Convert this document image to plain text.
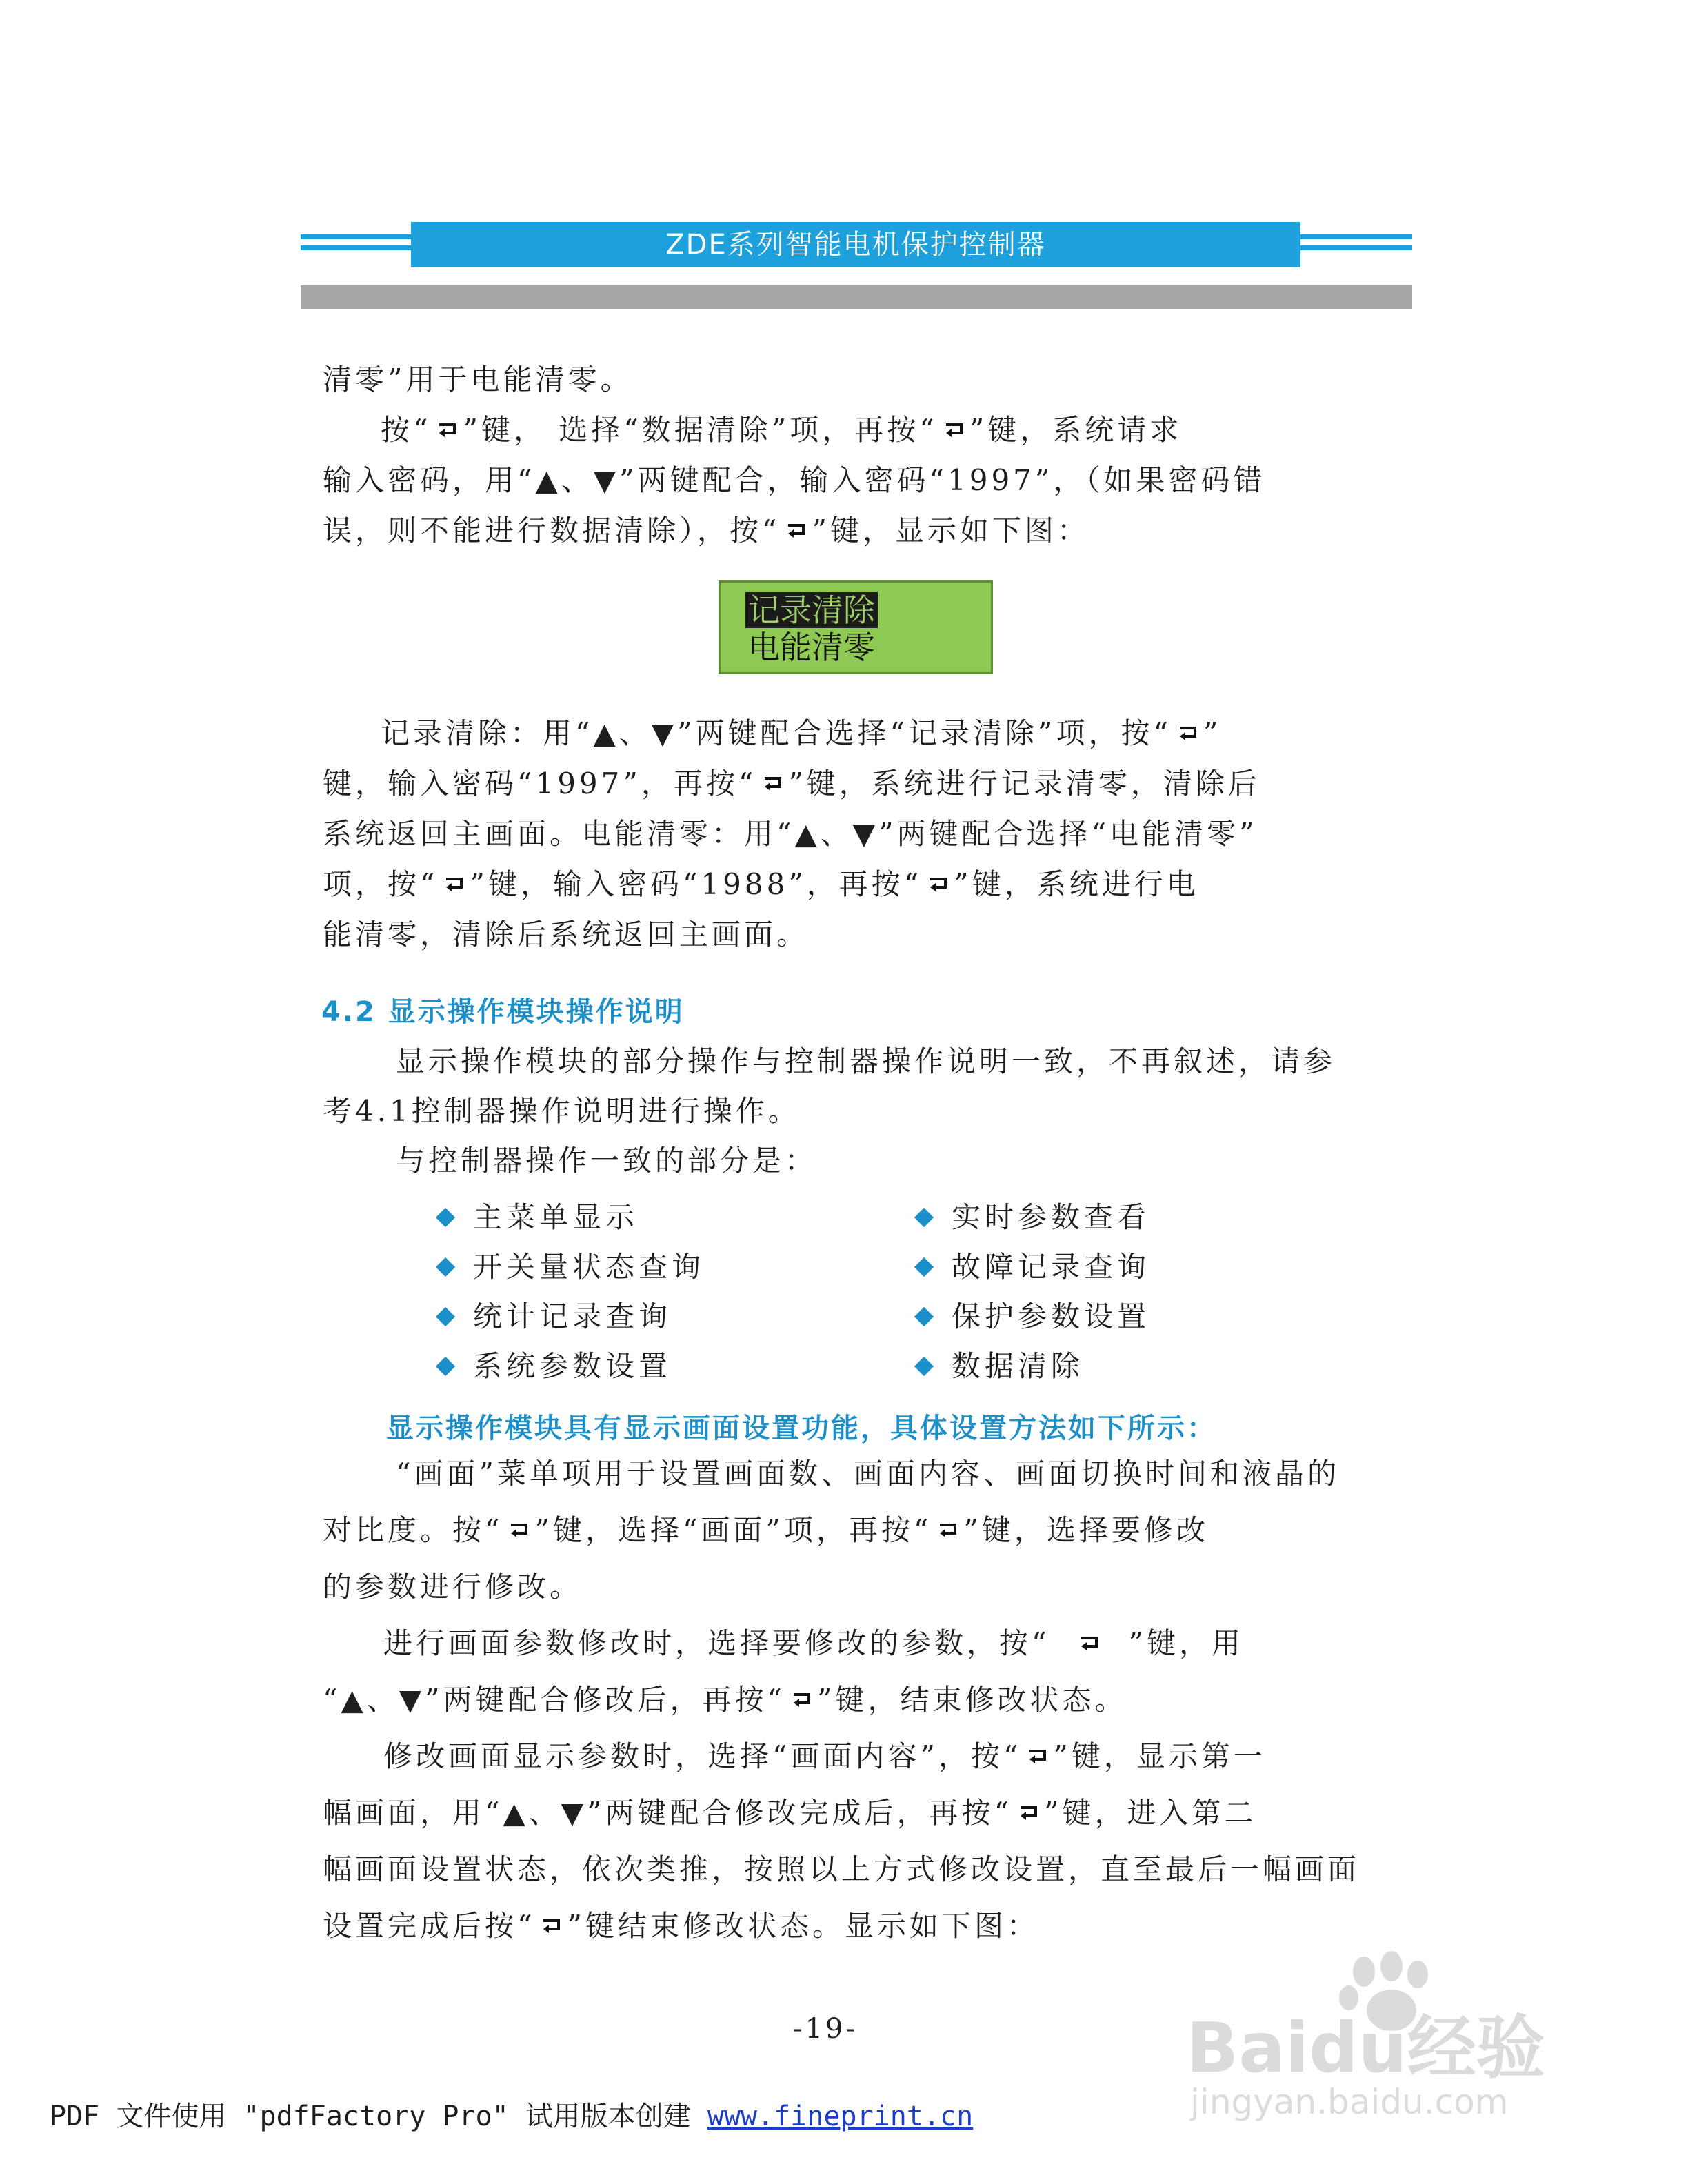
ZDE系列智能电机保护控制器
清零”用于电能清零。
按“ ”键， 选择“数据清除”项，再按“ ”键，系统请求
输入密码，用“▲、▼”两键配合，输入密码“1997”，（如果密码错
误，则不能进行数据清除），按“ ”键，显示如下图：
记录清除
电能清零
记录清除：用“▲、▼”两键配合选择“记录清除”项，按“ ”
键，输入密码“1997”，再按“ ”键，系统进行记录清零，清除后
系统返回主画面。电能清零：用“▲、▼”两键配合选择“电能清零”
项，按“ ”键，输入密码“1988”，再按“ ”键，系统进行电
能清零，清除后系统返回主画面。
4.2 显示操作模块操作说明
显示操作模块的部分操作与控制器操作说明一致，不再叙述，请参
考4.1控制器操作说明进行操作。
与控制器操作一致的部分是：
主菜单显示
开关量状态查询
统计记录查询
系统参数设置
实时参数查看
故障记录查询
保护参数设置
数据清除
显示操作模块具有显示画面设置功能，具体设置方法如下所示：
“画面”菜单项用于设置画面数、画面内容、画面切换时间和液晶的
对比度。按“ ”键，选择“画面”项，再按“ ”键，选择要修改
的参数进行修改。
进行画面参数修改时，选择要修改的参数，按“	”键，用
“▲、▼”两键配合修改后，再按“ ”键，结束修改状态。
修改画面显示参数时，选择“画面内容”，按“ ”键，显示第一
幅画面，用“▲、▼”两键配合修改完成后，再按“ ”键，进入第二
幅画面设置状态，依次类推，按照以上方式修改设置，直至最后一幅画面
设置完成后按“ ”键结束修改状态。显示如下图：
-19-	Baidu经验
jingyan.baidu.com
PDF 文件使用 "pdfFactory Pro" 试用版本创建 www.fineprint.cn
